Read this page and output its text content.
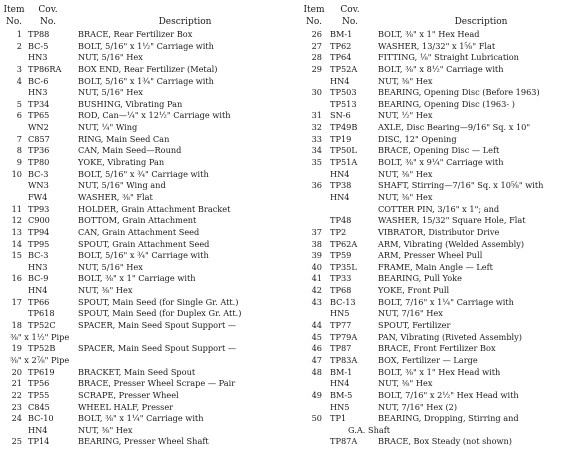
Item
No.
Cov.
No.	Description
1 TP88	BRACE, Rear Fertilizer Box
2 BC-5	BOLT, 5/16" x 1½" Carriage with
HN3	NUT, 5/16" Hex
3 TP86RA BOX END, Rear Fertilizer (Metal)
4 BC-6	BOLT, 5/16" x 1¾" Carriage with
HN3	NUT, 5/16" Hex
5 TP34	BUSHING, Vibrating Pan
6 TP65	ROD, Can—¼" x 12½" Carriage with
WN2	NUT, ¼" Wing
7 C857	RING, Main Seed Can
8 TP36	CAN, Main Seed—Round
9 TP80	YOKE, Vibrating Pan
10 BC-3	BOLT, 5/16" x ¾" Carriage with
WN3	NUT, 5/16" Wing and
FW4	WASHER, ⅜" Flat
11 TP93	HOLDER, Grain Attachment Bracket
12 C900	BOTTOM, Grain Attachment
13 TP94	CAN, Grain Attachment Seed
14 TP95	SPOUT, Grain Attachment Seed
15 BC-3	BOLT, 5/16" x ¾" Carriage with
HN3	NUT, 5/16" Hex
16 BC-9	BOLT, ⅜" x 1" Carriage with
HN4	NUT, ⅜" Hex
17 TP66	SPOUT, Main Seed (for Single Gr. Att.)
TP618	SPOUT, Main Seed (for Duplex Gr. Att.)
18 TP52C	SPACER, Main Seed Spout Support —
⅜" x 1½" Pipe
19 TP52B	SPACER, Main Seed Spout Support —
⅜" x 2⅞" Pipe
20 TP619	BRACKET, Main Seed Spout
21 TP56	BRACE, Presser Wheel Scrape — Pair
22 TP55	SCRAPE, Presser Wheel
23 C845	WHEEL HALF, Presser
24 BC-10	BOLT, ⅜" x 1¼" Carriage with
HN4	NUT, ⅜" Hex
25 TP14	BEARING, Presser Wheel Shaft
Item
No.
Cov.
No.	Description
26 BM-1	BOLT, ⅜" x 1" Hex Head
27 TP62	WASHER, 13/32" x 1⅝" Flat
28 TP64	FITTING, ⅛" Straight Lubrication
29 TP52A	BOLT, ⅜" x 8½" Carriage with
HN4	NUT, ⅜" Hex
30 TP503	BEARING, Opening Disc (Before 1963)
TP513	BEARING, Opening Disc (1963- )
31 SN-6	NUT, ½" Hex
32 TP49B	AXLE, Disc Bearing—9/16" Sq. x 10"
33 TP19	DISC, 12" Opening
34 TP50L	BRACE, Opening Disc — Left
35 TP51A	BOLT, ⅜" x 9¼" Carriage with
HN4	NUT, ⅜" Hex
36 TP38	SHAFT, Stirring—7/16" Sq. x 10⅝" with
HN4	NUT, ⅜" Hex
COTTER PIN, 3/16" x 1"; and
TP48	WASHER, 15/32" Square Hole, Flat
37 TP2	VIBRATOR, Distributor Drive
38 TP62A	ARM, Vibrating (Welded Assembly)
39 TP59	ARM, Presser Wheel Pull
40 TP35L	FRAME, Main Angle — Left
41 TP33	BEARING, Pull Yoke
42 TP68	YOKE, Front Pull
43 BC-13	BOLT, 7/16" x 1¼" Carriage with
HN5	NUT, 7/16" Hex
44 TP77	SPOUT, Fertilizer
45 TP79A	PAN, Vibrating (Riveted Assembly)
46 TP87	BRACE, Front Fertilizer Box
47 TP83A	BOX, Fertilizer — Large
48 BM-1	BOLT, ⅜" x 1" Hex Head with
HN4	NUT, ⅜" Hex
49 BM-5	BOLT, 7/16" x 2½" Hex Head with
HN5	NUT, 7/16" Hex (2)
50 TP1	BEARING, Dropping, Stirring and
G.A. Shaft
TP87A	BRACE, Box Steady (not shown)
